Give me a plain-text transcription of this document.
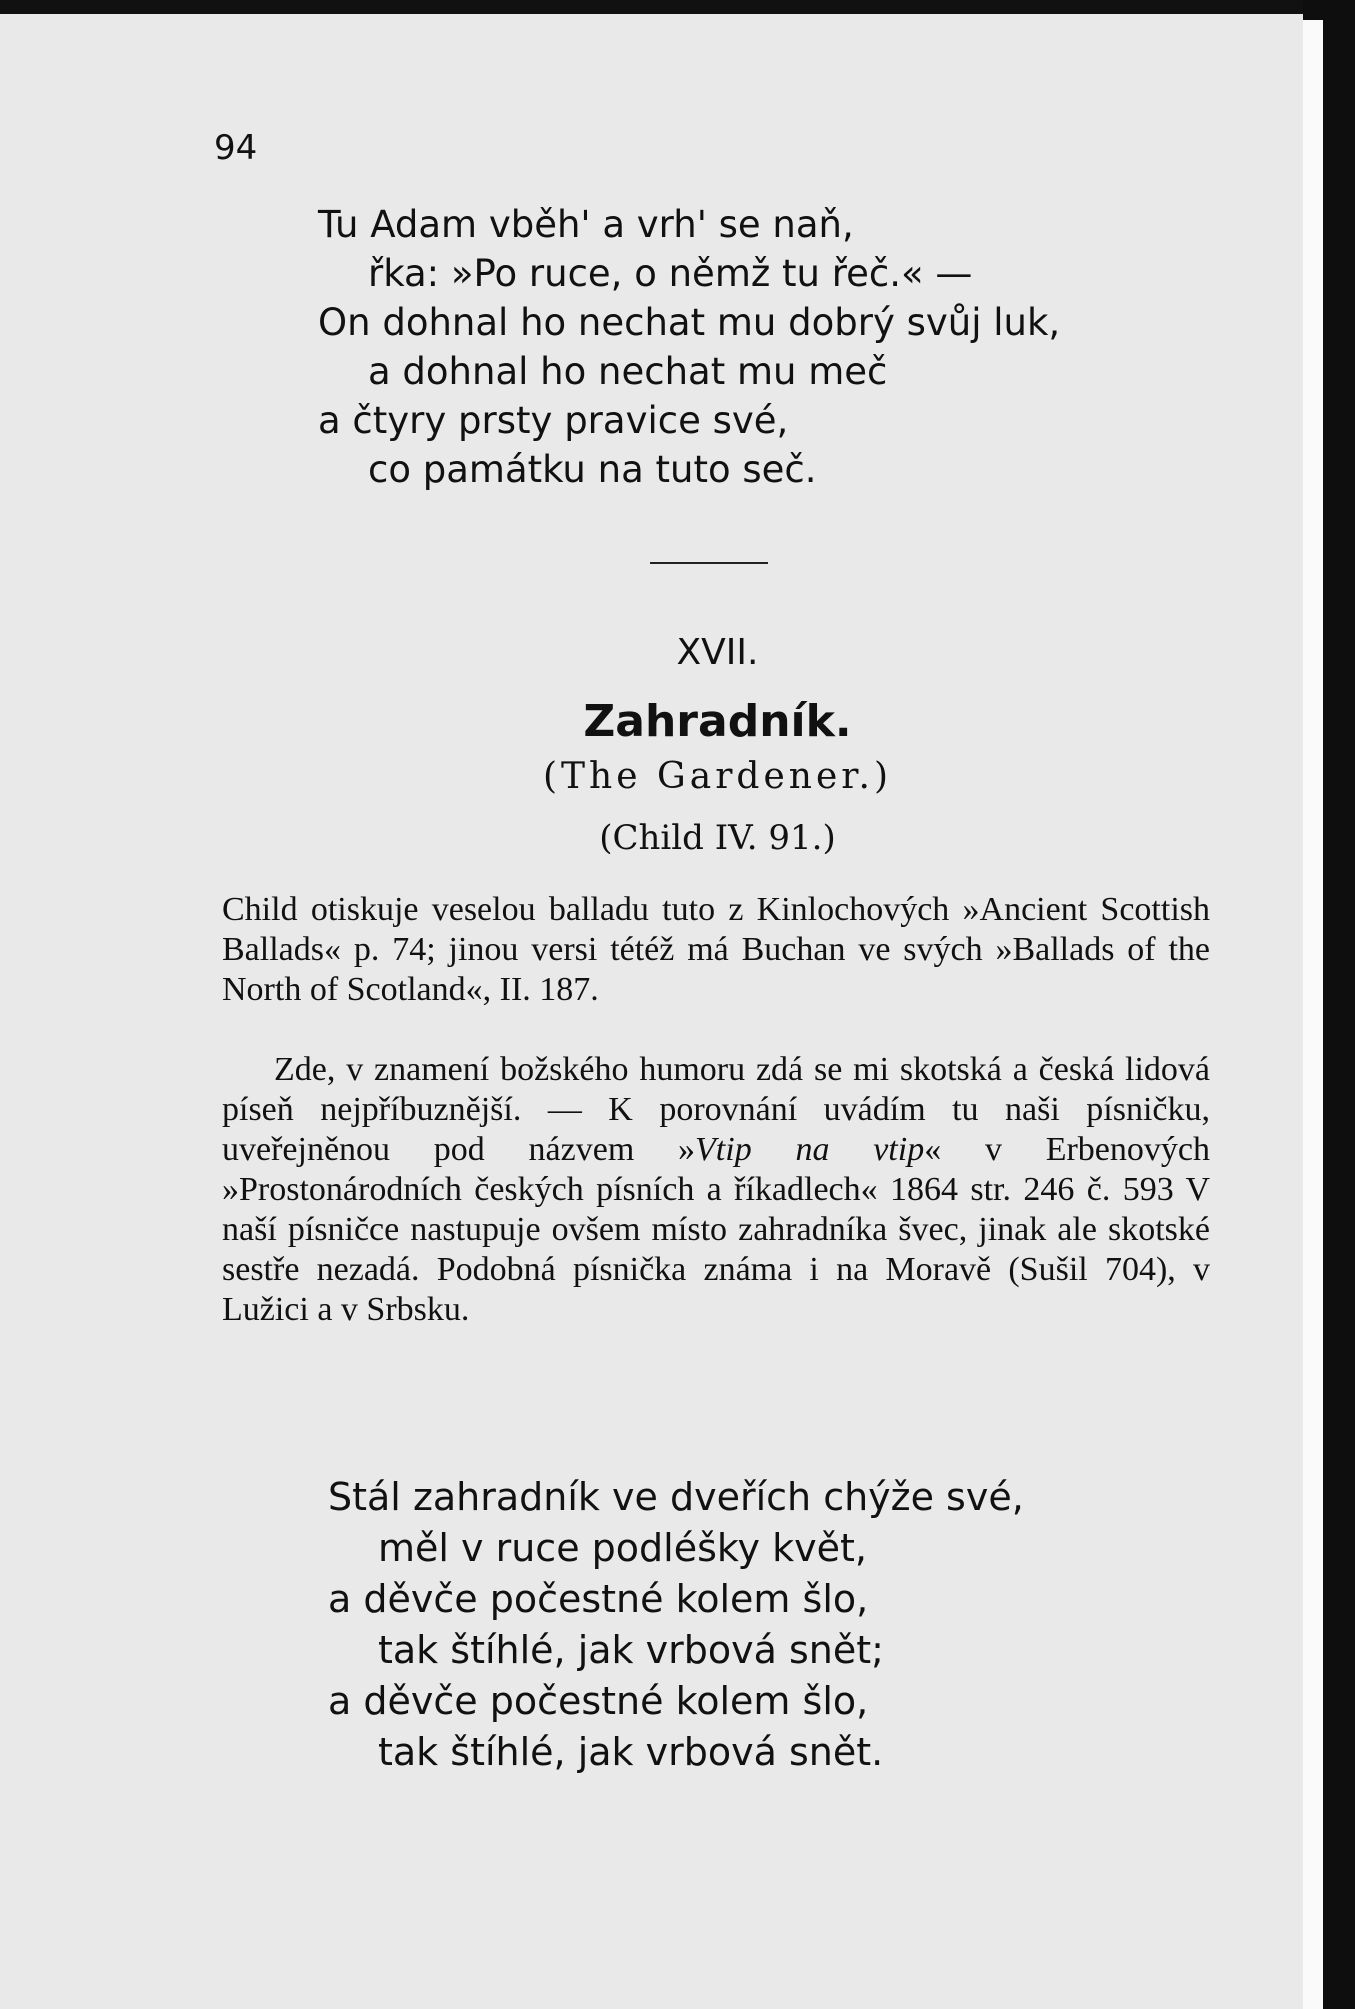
94
Tu Adam vběh' a vrh' se naň,
řka: »Po ruce, o němž tu řeč.« —
On dohnal ho nechat mu dobrý svůj luk,
a dohnal ho nechat mu meč
a čtyry prsty pravice své,
co památku na tuto seč.
XVII.
Zahradník.
(The Gardener.)
(Child IV. 91.)
Child otiskuje veselou balladu tuto z Kinlochových »Ancient Scottish Ballads« p. 74; jinou versi tétéž má Buchan ve svých »Ballads of the North of Scotland«, II. 187.
Zde, v znamení božského humoru zdá se mi skotská a česká lidová píseň nejpříbuznější. — K porovnání uvádím tu naši písničku, uveřejněnou pod názvem »Vtip na vtip« v Erbenových »Prostonárodních českých písních a říkadlech« 1864 str. 246 č. 593 V naší písničce nastupuje ovšem místo zahradníka švec, jinak ale skotské sestře nezadá. Podobná písnička známa i na Moravě (Sušil 704), v Lužici a v Srbsku.
Stál zahradník ve dveřích chýže své,
měl v ruce podléšky květ,
a děvče počestné kolem šlo,
tak štíhlé, jak vrbová snět;
a děvče počestné kolem šlo,
tak štíhlé, jak vrbová snět.
